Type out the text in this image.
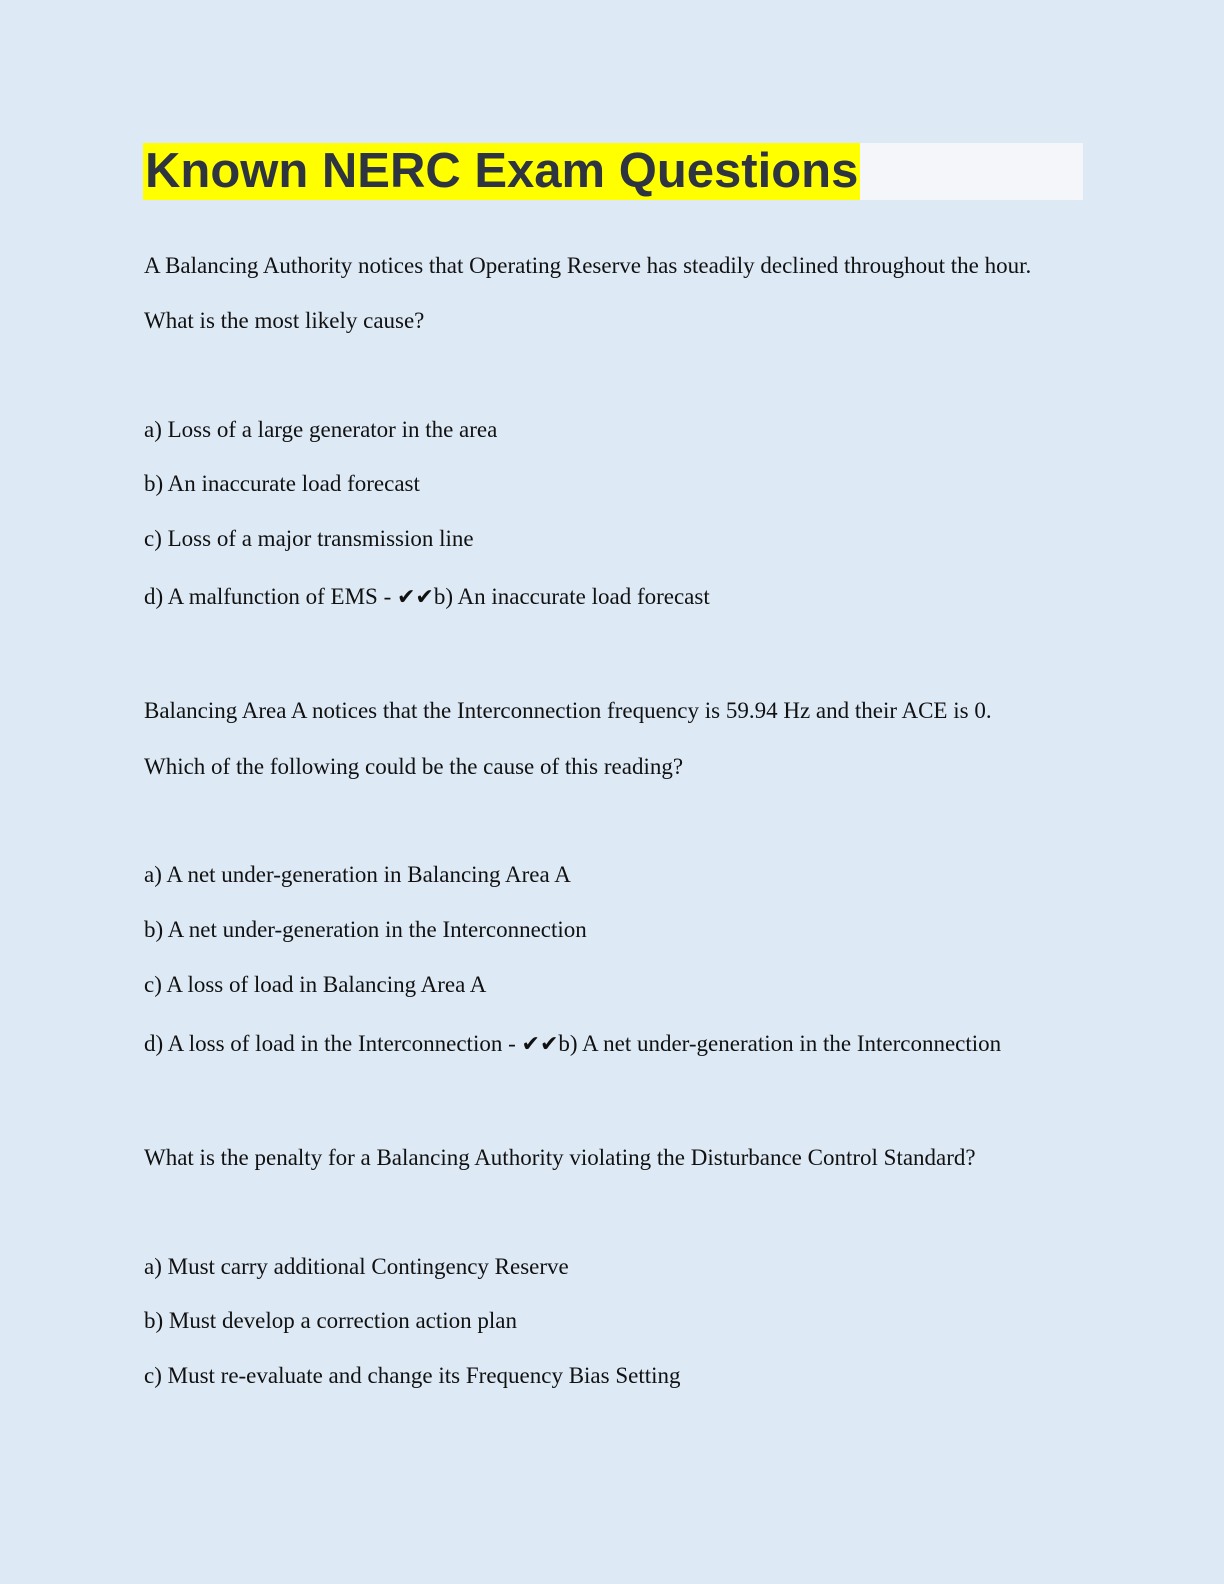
Known NERC Exam Questions
A Balancing Authority notices that Operating Reserve has steadily declined throughout the hour.
What is the most likely cause?
a) Loss of a large generator in the area
b) An inaccurate load forecast
c) Loss of a major transmission line
d) A malfunction of EMS - ✔✔b) An inaccurate load forecast
Balancing Area A notices that the Interconnection frequency is 59.94 Hz and their ACE is 0.
Which of the following could be the cause of this reading?
a) A net under-generation in Balancing Area A
b) A net under-generation in the Interconnection
c) A loss of load in Balancing Area A
d) A loss of load in the Interconnection - ✔✔b) A net under-generation in the Interconnection
What is the penalty for a Balancing Authority violating the Disturbance Control Standard?
a) Must carry additional Contingency Reserve
b) Must develop a correction action plan
c) Must re-evaluate and change its Frequency Bias Setting
